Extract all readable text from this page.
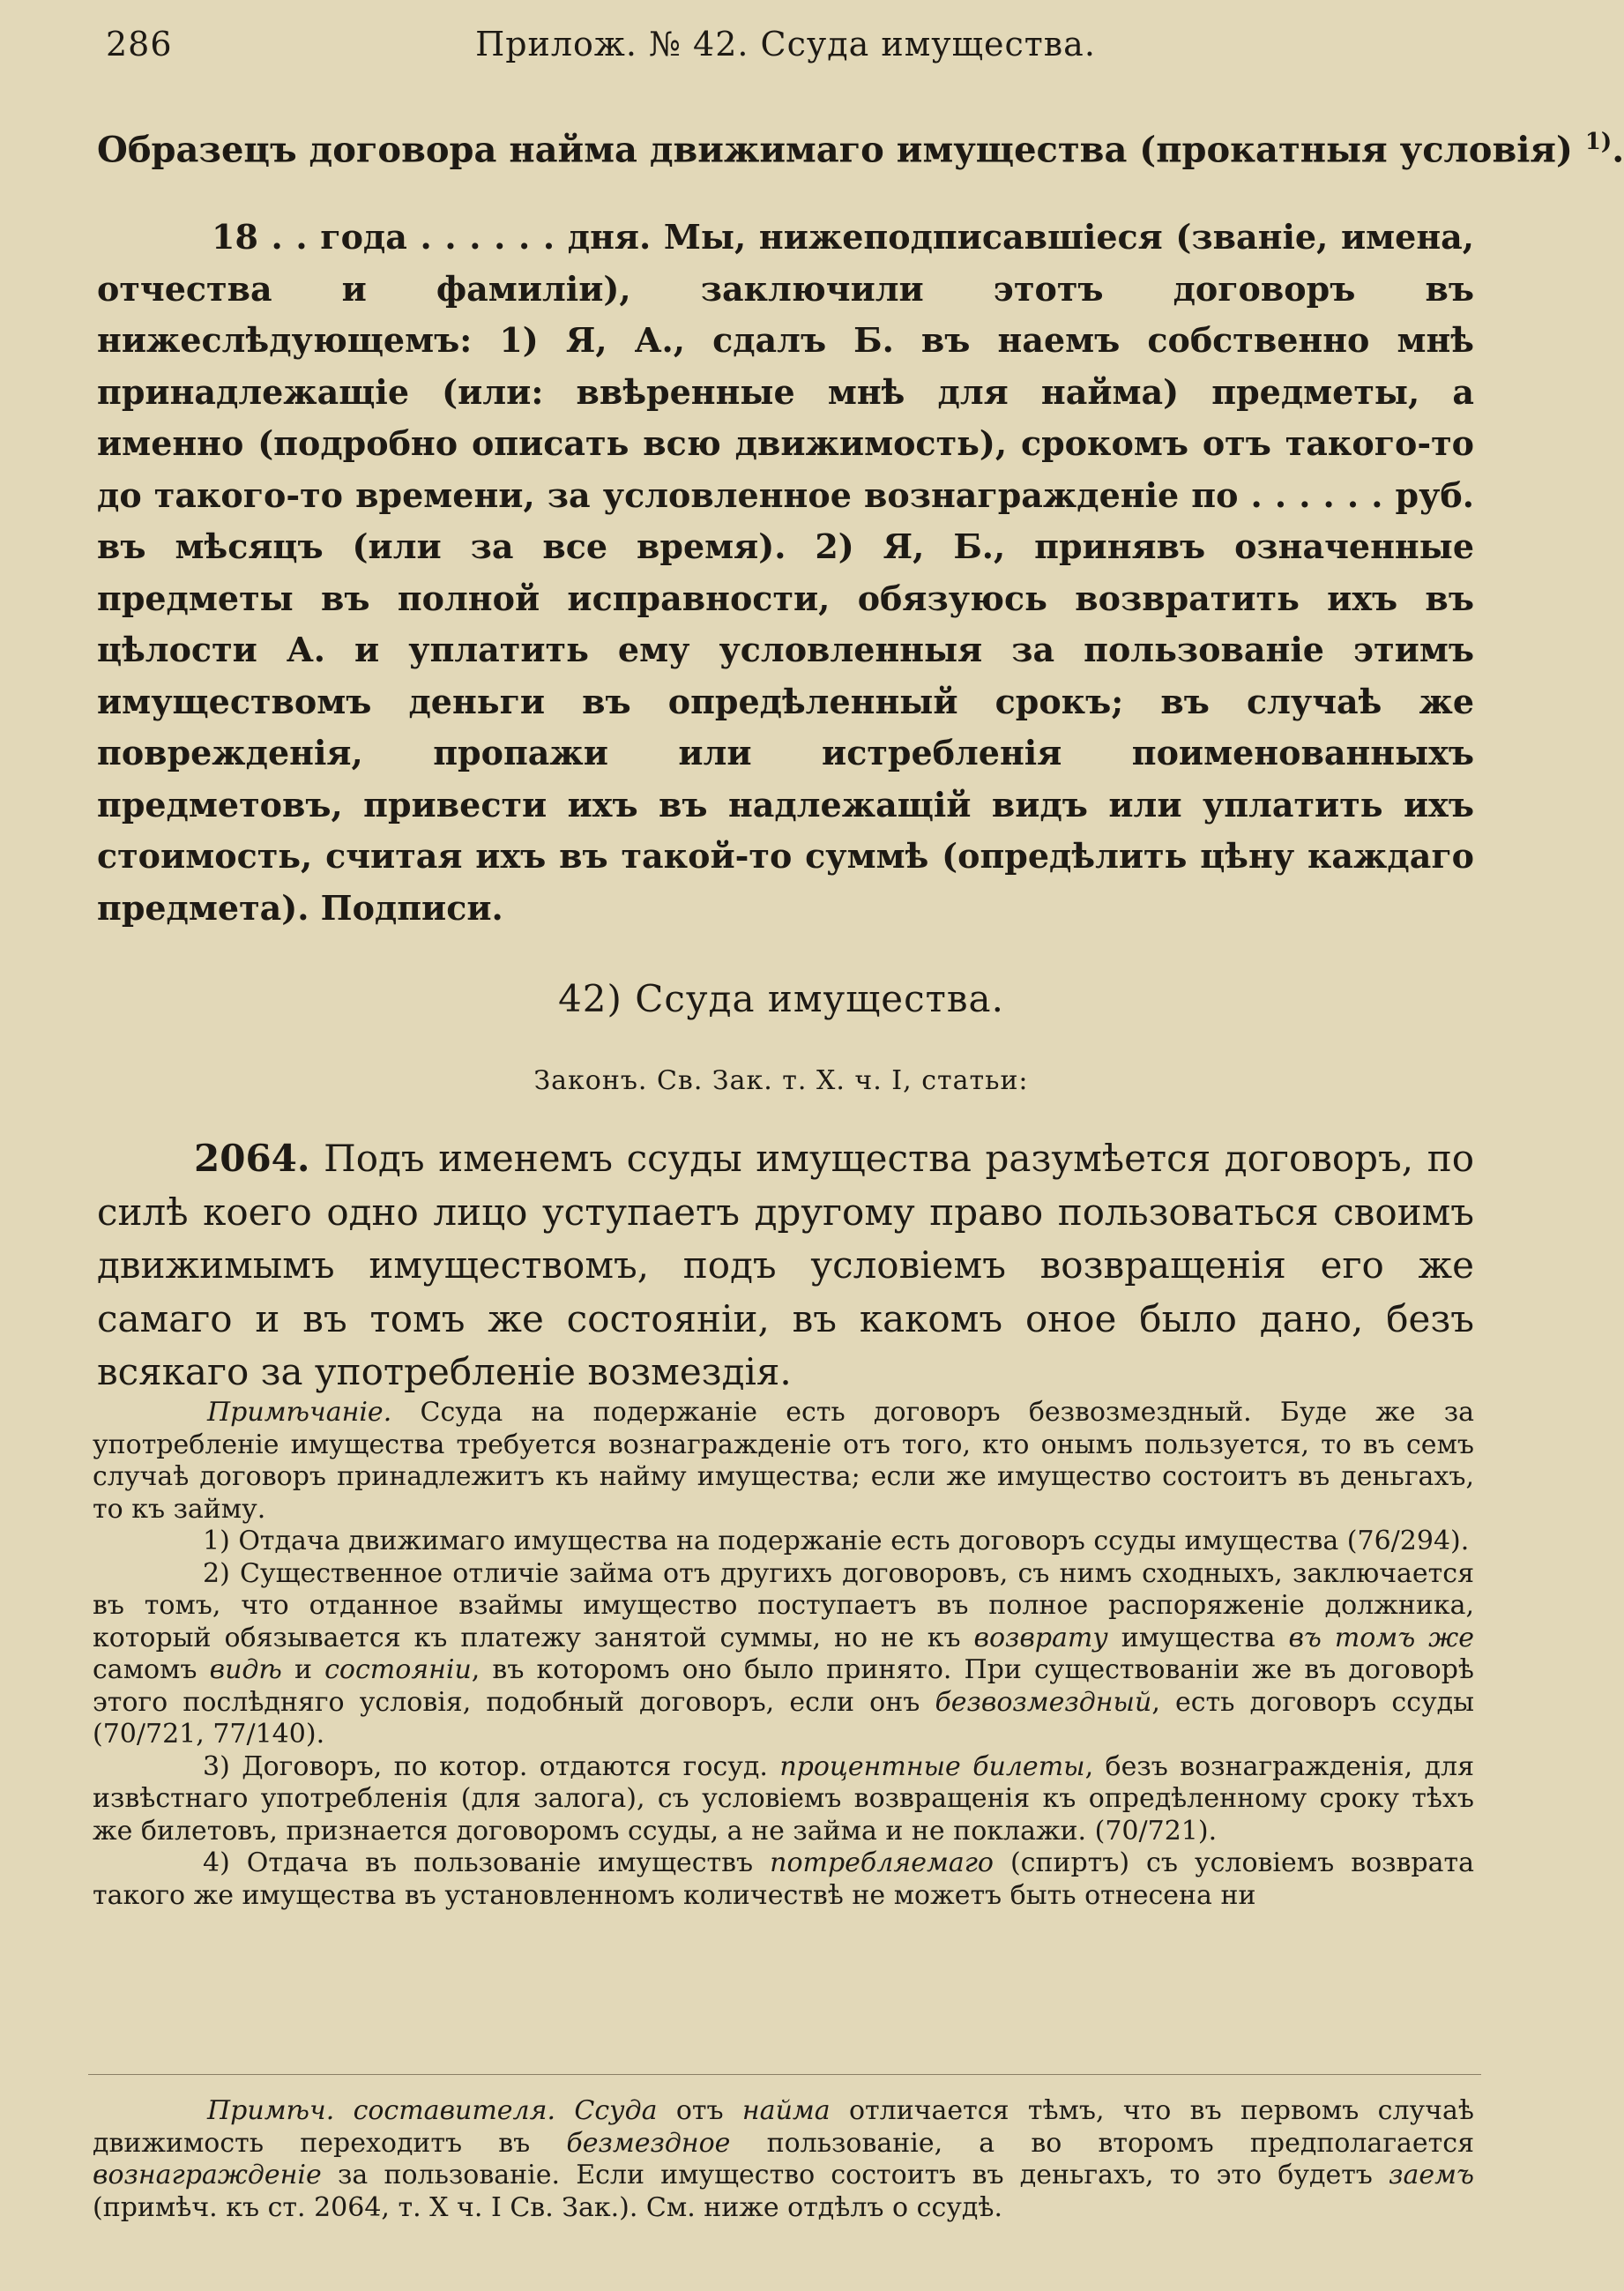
286	Прилож. № 42. Ссуда имущества.
Образецъ договора найма движимаго имущества (прокатныя условія) $^{1)}$.

18 . . года . . . . . . дня. Мы, нижеподписавшіеся (званіе, имена, отчества и фамиліи), заключили этотъ договоръ въ нижеслѣдующемъ: 1) Я, А., сдалъ Б. въ наемъ собственно мнѣ принадлежащіе (или: ввѣренные мнѣ для найма) предметы, а именно (подробно описать всю движимость), срокомъ отъ такого-то до такого-то времени, за условленное вознагражденіе по . . . . . . руб. въ мѣсяцъ (или за все время). 2) Я, Б., принявъ означенные предметы въ полной исправности, обязуюсь возвратить ихъ въ цѣлости А. и уплатить ему условленныя за пользованіе этимъ имуществомъ деньги въ опредѣленный срокъ; въ случаѣ же поврежденія, пропажи или истребленія поименованныхъ предметовъ, привести ихъ въ надлежащій видъ или уплатить ихъ стоимость, считая ихъ въ такой-то суммѣ (опредѣлить цѣну каждаго предмета). Подписи.

42) Ссуда имущества.
Законъ. Св. Зак. т. X. ч. I, статьи:

2064. Подъ именемъ ссуды имущества разумѣется договоръ, по силѣ коего одно лицо уступаетъ другому право пользоваться своимъ движимымъ имуществомъ, подъ условіемъ возвращенія его же самаго и въ томъ же состояніи, въ какомъ оное было дано, безъ всякаго за употребленіе возмездія.

Примѣчаніе. Ссуда на подержаніе есть договоръ безвозмездный. Буде же за употребленіе имущества требуется вознагражденіе отъ того, кто онымъ пользуется, то въ семъ случаѣ договоръ принадлежитъ къ найму имущества; если же имущество состоитъ въ деньгахъ, то къ займу.

1) Отдача движимаго имущества на подержаніе есть договоръ ссуды имущества (76/294).

2) Существенное отличіе займа отъ другихъ договоровъ, съ нимъ сходныхъ, заключается въ томъ, что отданное взаймы имущество поступаетъ въ полное распоряженіе должника, который обязывается къ платежу занятой суммы, но не къ возврату имущества въ томъ же самомъ видѣ и состояніи, въ которомъ оно было принято. При существованіи же въ договорѣ этого послѣдняго условія, подобный договоръ, если онъ безвозмездный, есть договоръ ссуды (70/721, 77/140).

3) Договоръ, по котор. отдаются госуд. процентные билеты, безъ вознагражденія, для извѣстнаго употребленія (для залога), съ условіемъ возвращенія къ опредѣленному сроку тѣхъ же билетовъ, признается договоромъ ссуды, а не займа и не поклажи. (70/721).

4) Отдача въ пользованіе имуществъ потребляемаго (спиртъ) съ условіемъ возврата такого же имущества въ установленномъ количествѣ не можетъ быть отнесена ни

Примѣч. составителя. Ссуда отъ найма отличается тѣмъ, что въ первомъ случаѣ движимость переходитъ въ безмездное пользованіе, а во второмъ предполагается вознагражденіе за пользованіе. Если имущество состоитъ въ деньгахъ, то это будетъ заемъ (примѣч. къ ст. 2064, т. X ч. I Св. Зак.). См. ниже отдѣлъ о ссудѣ.
